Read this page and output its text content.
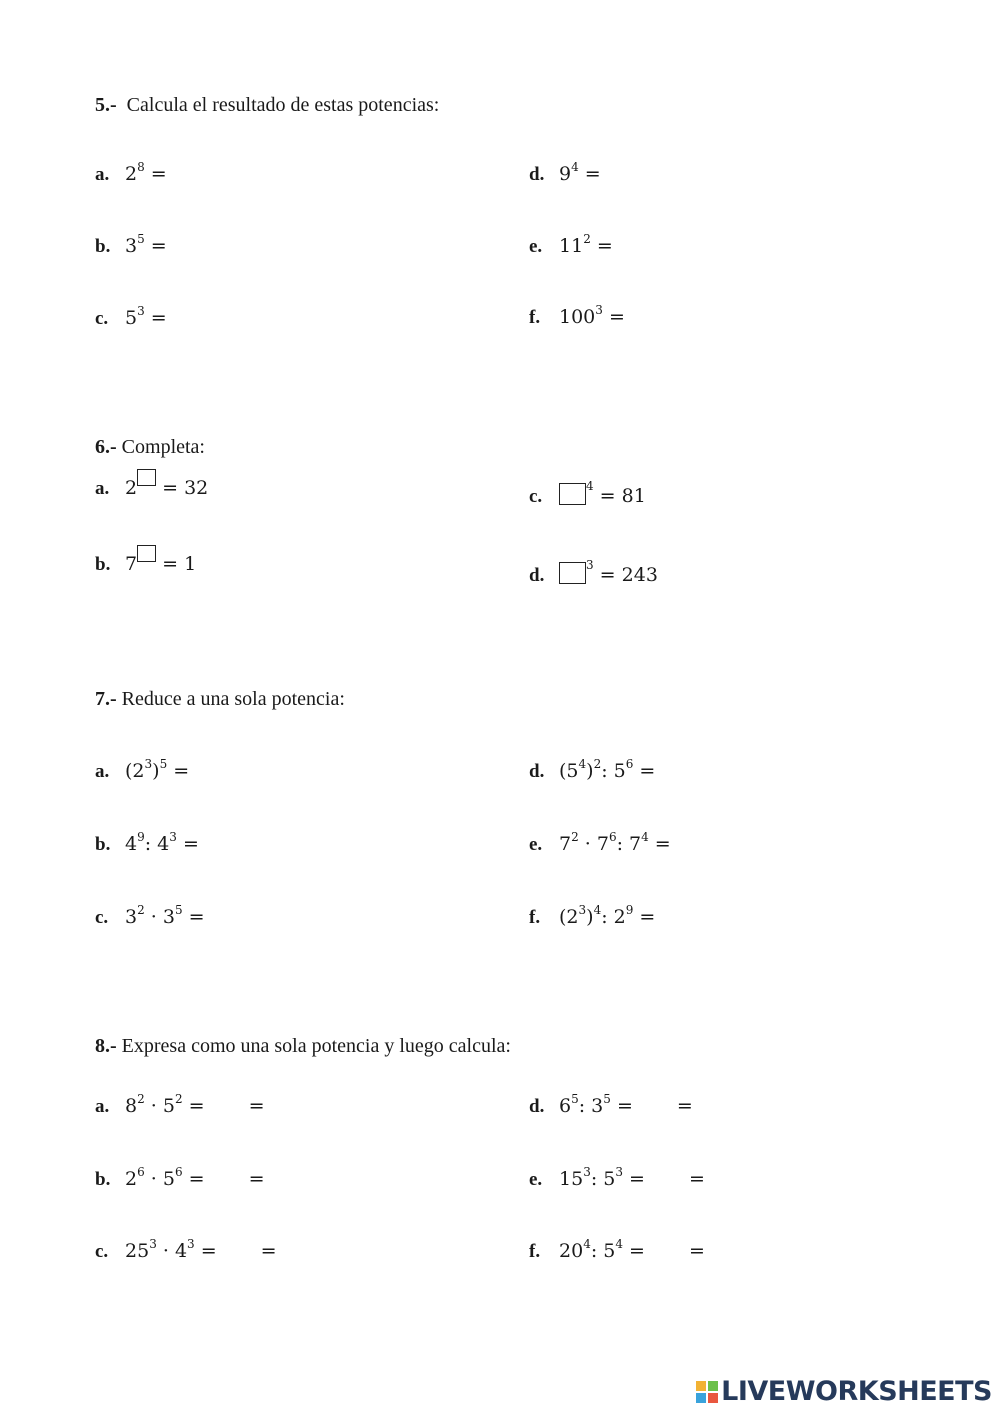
5.- Calcula el resultado de estas potencias:
a. $2^8$ =
b. $3^5$ =
c. $5^3$ =
d. $9^4$ =
e. $11^2$ =
f. $100^3$ =
6.- Completa:
a. 2 = 32
b. 7 = 1
c.	$^4$ = 81
d.	$^3$ = 243
7.- Reduce a una sola potencia:
a. $(2^3)^5$ =
b. $4^9$: $4^3$ =
c. $3^2 \cdot 3^5$ =
d. $(5^4)^2$: $5^6$ =
e. $7^2 \cdot 7^6$: $7^4$ =
f. $(2^3)^4$: $2^9$ =
8.- Expresa como una sola potencia y luego calcula:
a. $8^2 \cdot 5^2$ = =
b. $2^6 \cdot 5^6$ = =
c. $25^3 \cdot 4^3$ = =
d. $6^5$: $3^5$ = =
e. $15^3$: $5^3$ = =
f. $20^4$: $5^4$ = =
LIVEWORKSHEETS
